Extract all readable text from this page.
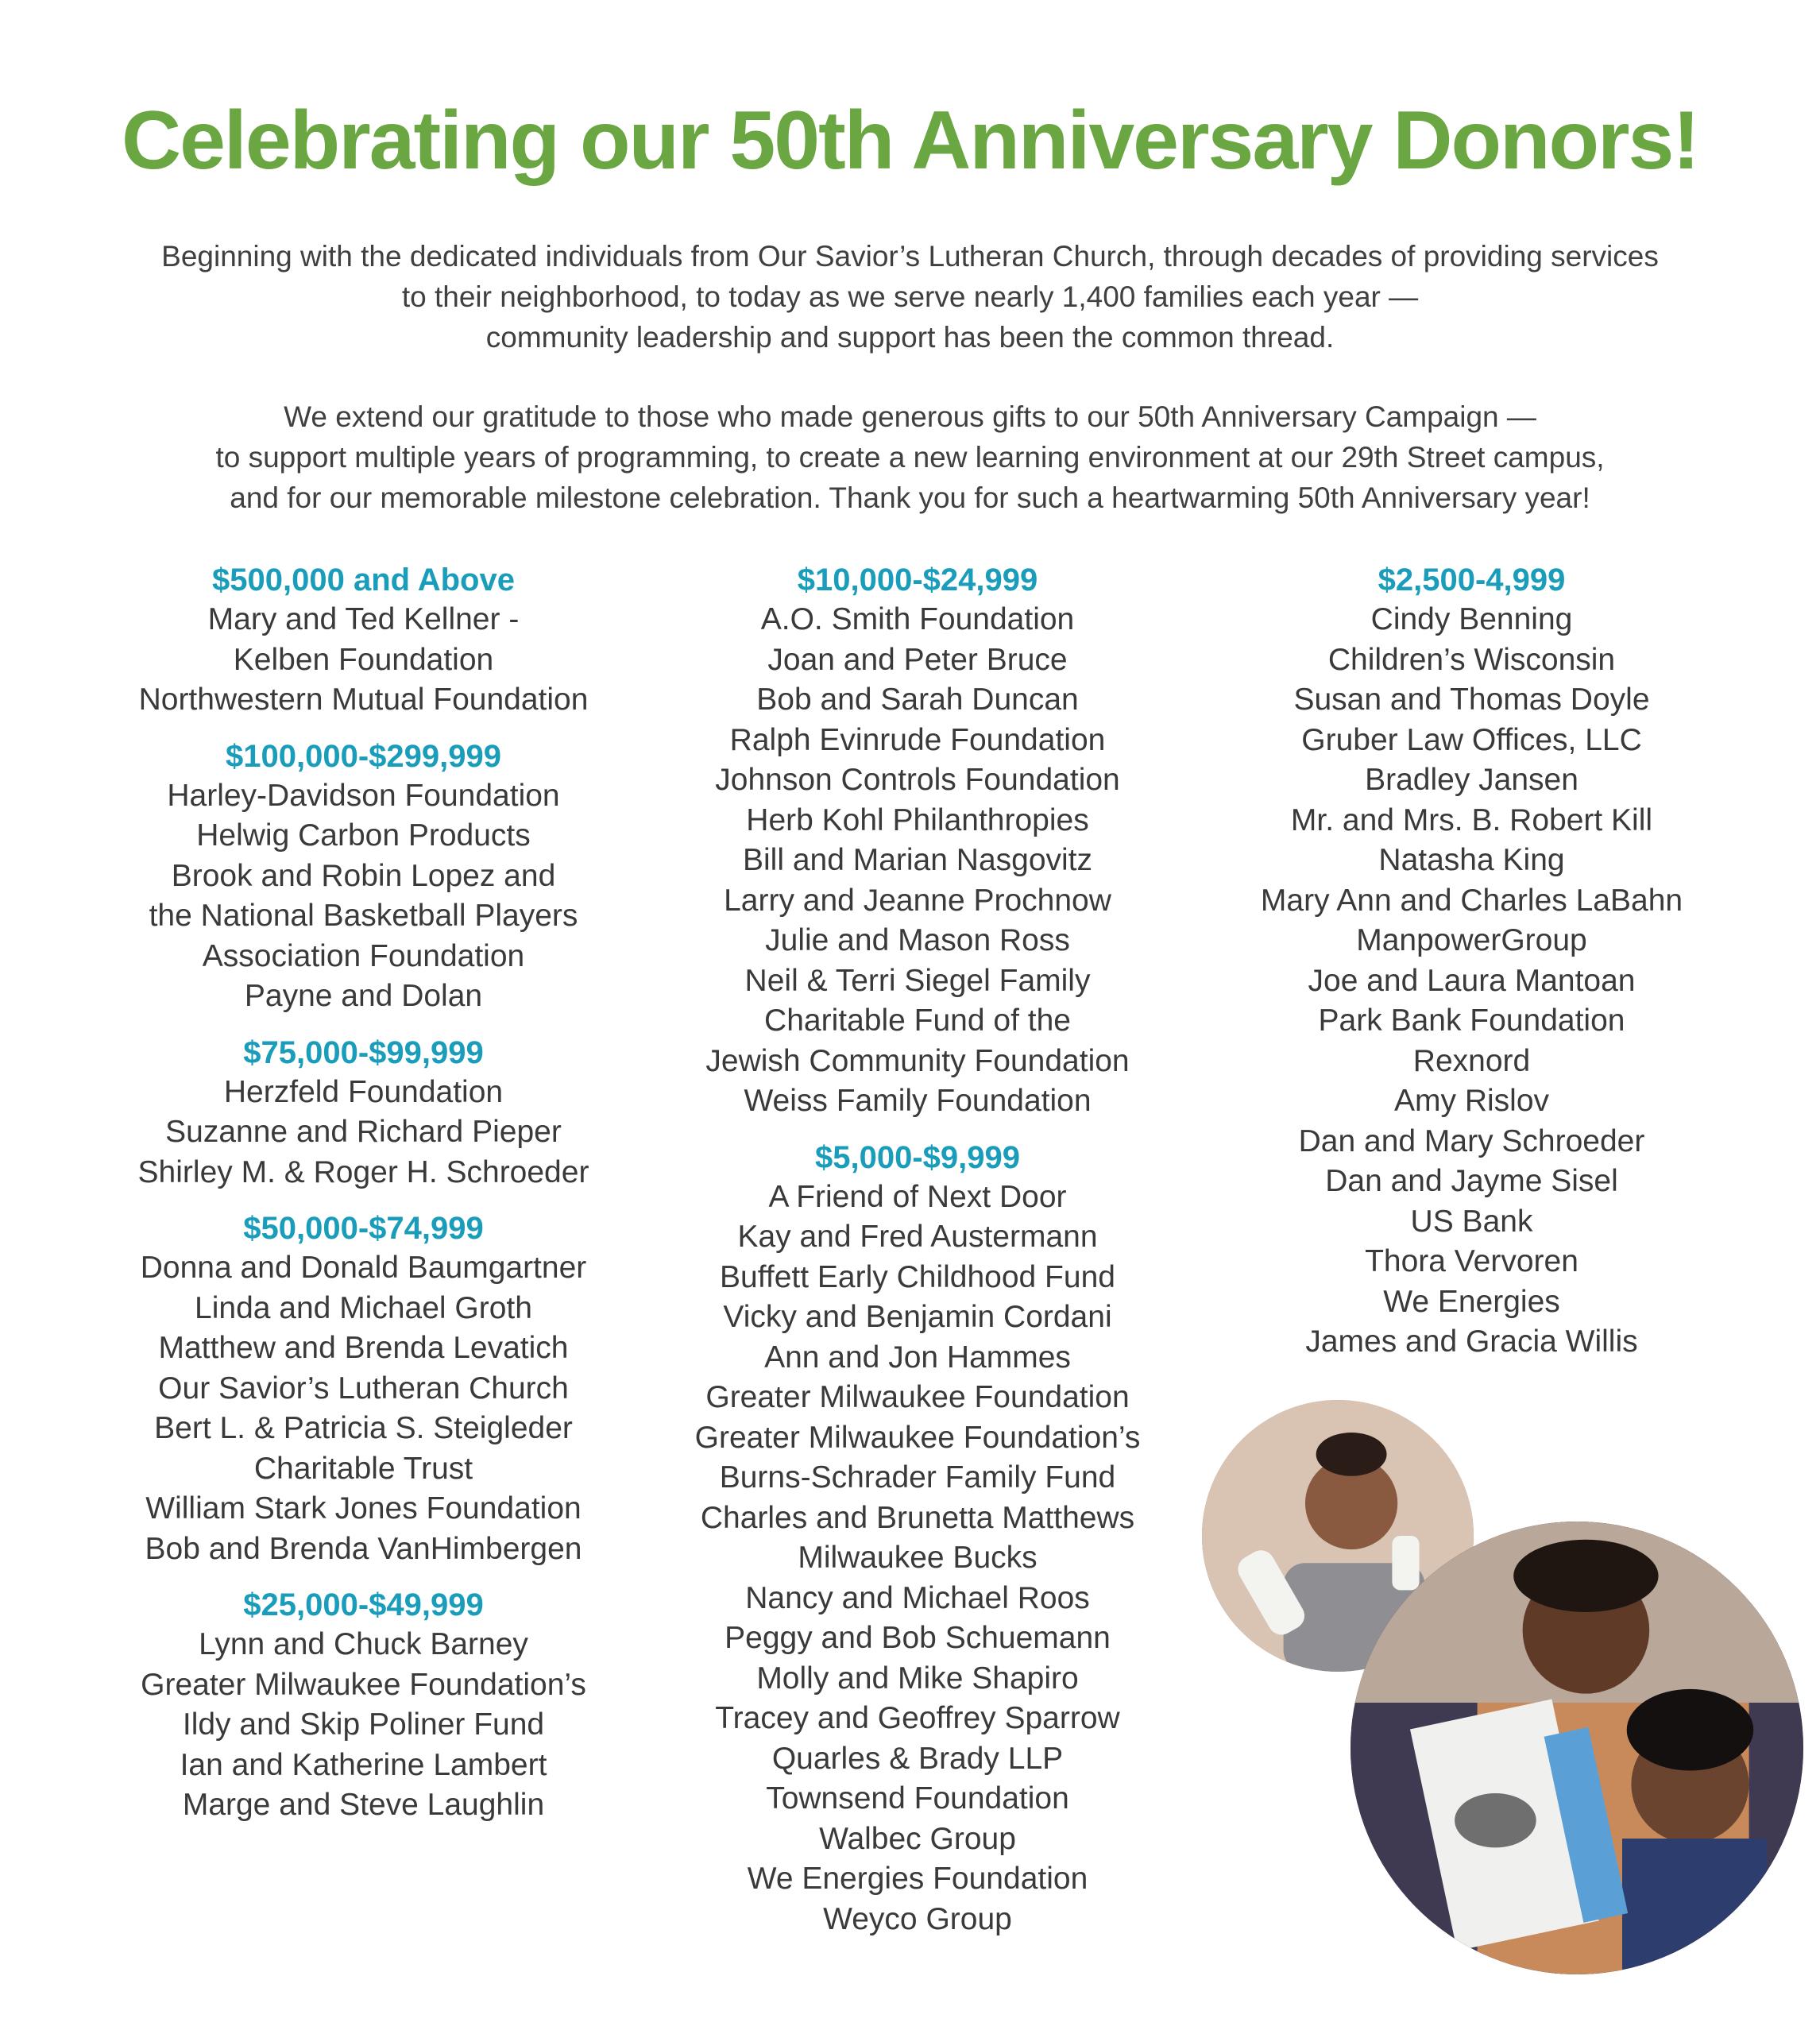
Celebrating our 50th Anniversary Donors!
Beginning with the dedicated individuals from Our Savior’s Lutheran Church, through decades of providing services
to their neighborhood, to today as we serve nearly 1,400 families each year —
community leadership and support has been the common thread.
We extend our gratitude to those who made generous gifts to our 50th Anniversary Campaign —
to support multiple years of programming, to create a new learning environment at our 29th Street campus,
and for our memorable milestone celebration. Thank you for such a heartwarming 50th Anniversary year!
$500,000 and Above
Mary and Ted Kellner -
Kelben Foundation
Northwestern Mutual Foundation
$100,000-$299,999
Harley-Davidson Foundation
Helwig Carbon Products
Brook and Robin Lopez and
the National Basketball Players
Association Foundation
Payne and Dolan
$75,000-$99,999
Herzfeld Foundation
Suzanne and Richard Pieper
Shirley M. & Roger H. Schroeder
$50,000-$74,999
Donna and Donald Baumgartner
Linda and Michael Groth
Matthew and Brenda Levatich
Our Savior’s Lutheran Church
Bert L. & Patricia S. Steigleder
Charitable Trust
William Stark Jones Foundation
Bob and Brenda VanHimbergen
$25,000-$49,999
Lynn and Chuck Barney
Greater Milwaukee Foundation’s
Ildy and Skip Poliner Fund
Ian and Katherine Lambert
Marge and Steve Laughlin
$10,000-$24,999
A.O. Smith Foundation
Joan and Peter Bruce
Bob and Sarah Duncan
Ralph Evinrude Foundation
Johnson Controls Foundation
Herb Kohl Philanthropies
Bill and Marian Nasgovitz
Larry and Jeanne Prochnow
Julie and Mason Ross
Neil & Terri Siegel Family
Charitable Fund of the
Jewish Community Foundation
Weiss Family Foundation
$5,000-$9,999
A Friend of Next Door
Kay and Fred Austermann
Buffett Early Childhood Fund
Vicky and Benjamin Cordani
Ann and Jon Hammes
Greater Milwaukee Foundation
Greater Milwaukee Foundation’s
Burns-Schrader Family Fund
Charles and Brunetta Matthews
Milwaukee Bucks
Nancy and Michael Roos
Peggy and Bob Schuemann
Molly and Mike Shapiro
Tracey and Geoffrey Sparrow
Quarles & Brady LLP
Townsend Foundation
Walbec Group
We Energies Foundation
Weyco Group
$2,500-4,999
Cindy Benning
Children’s Wisconsin
Susan and Thomas Doyle
Gruber Law Offices, LLC
Bradley Jansen
Mr. and Mrs. B. Robert Kill
Natasha King
Mary Ann and Charles LaBahn
ManpowerGroup
Joe and Laura Mantoan
Park Bank Foundation
Rexnord
Amy Rislov
Dan and Mary Schroeder
Dan and Jayme Sisel
US Bank
Thora Vervoren
We Energies
James and Gracia Willis
